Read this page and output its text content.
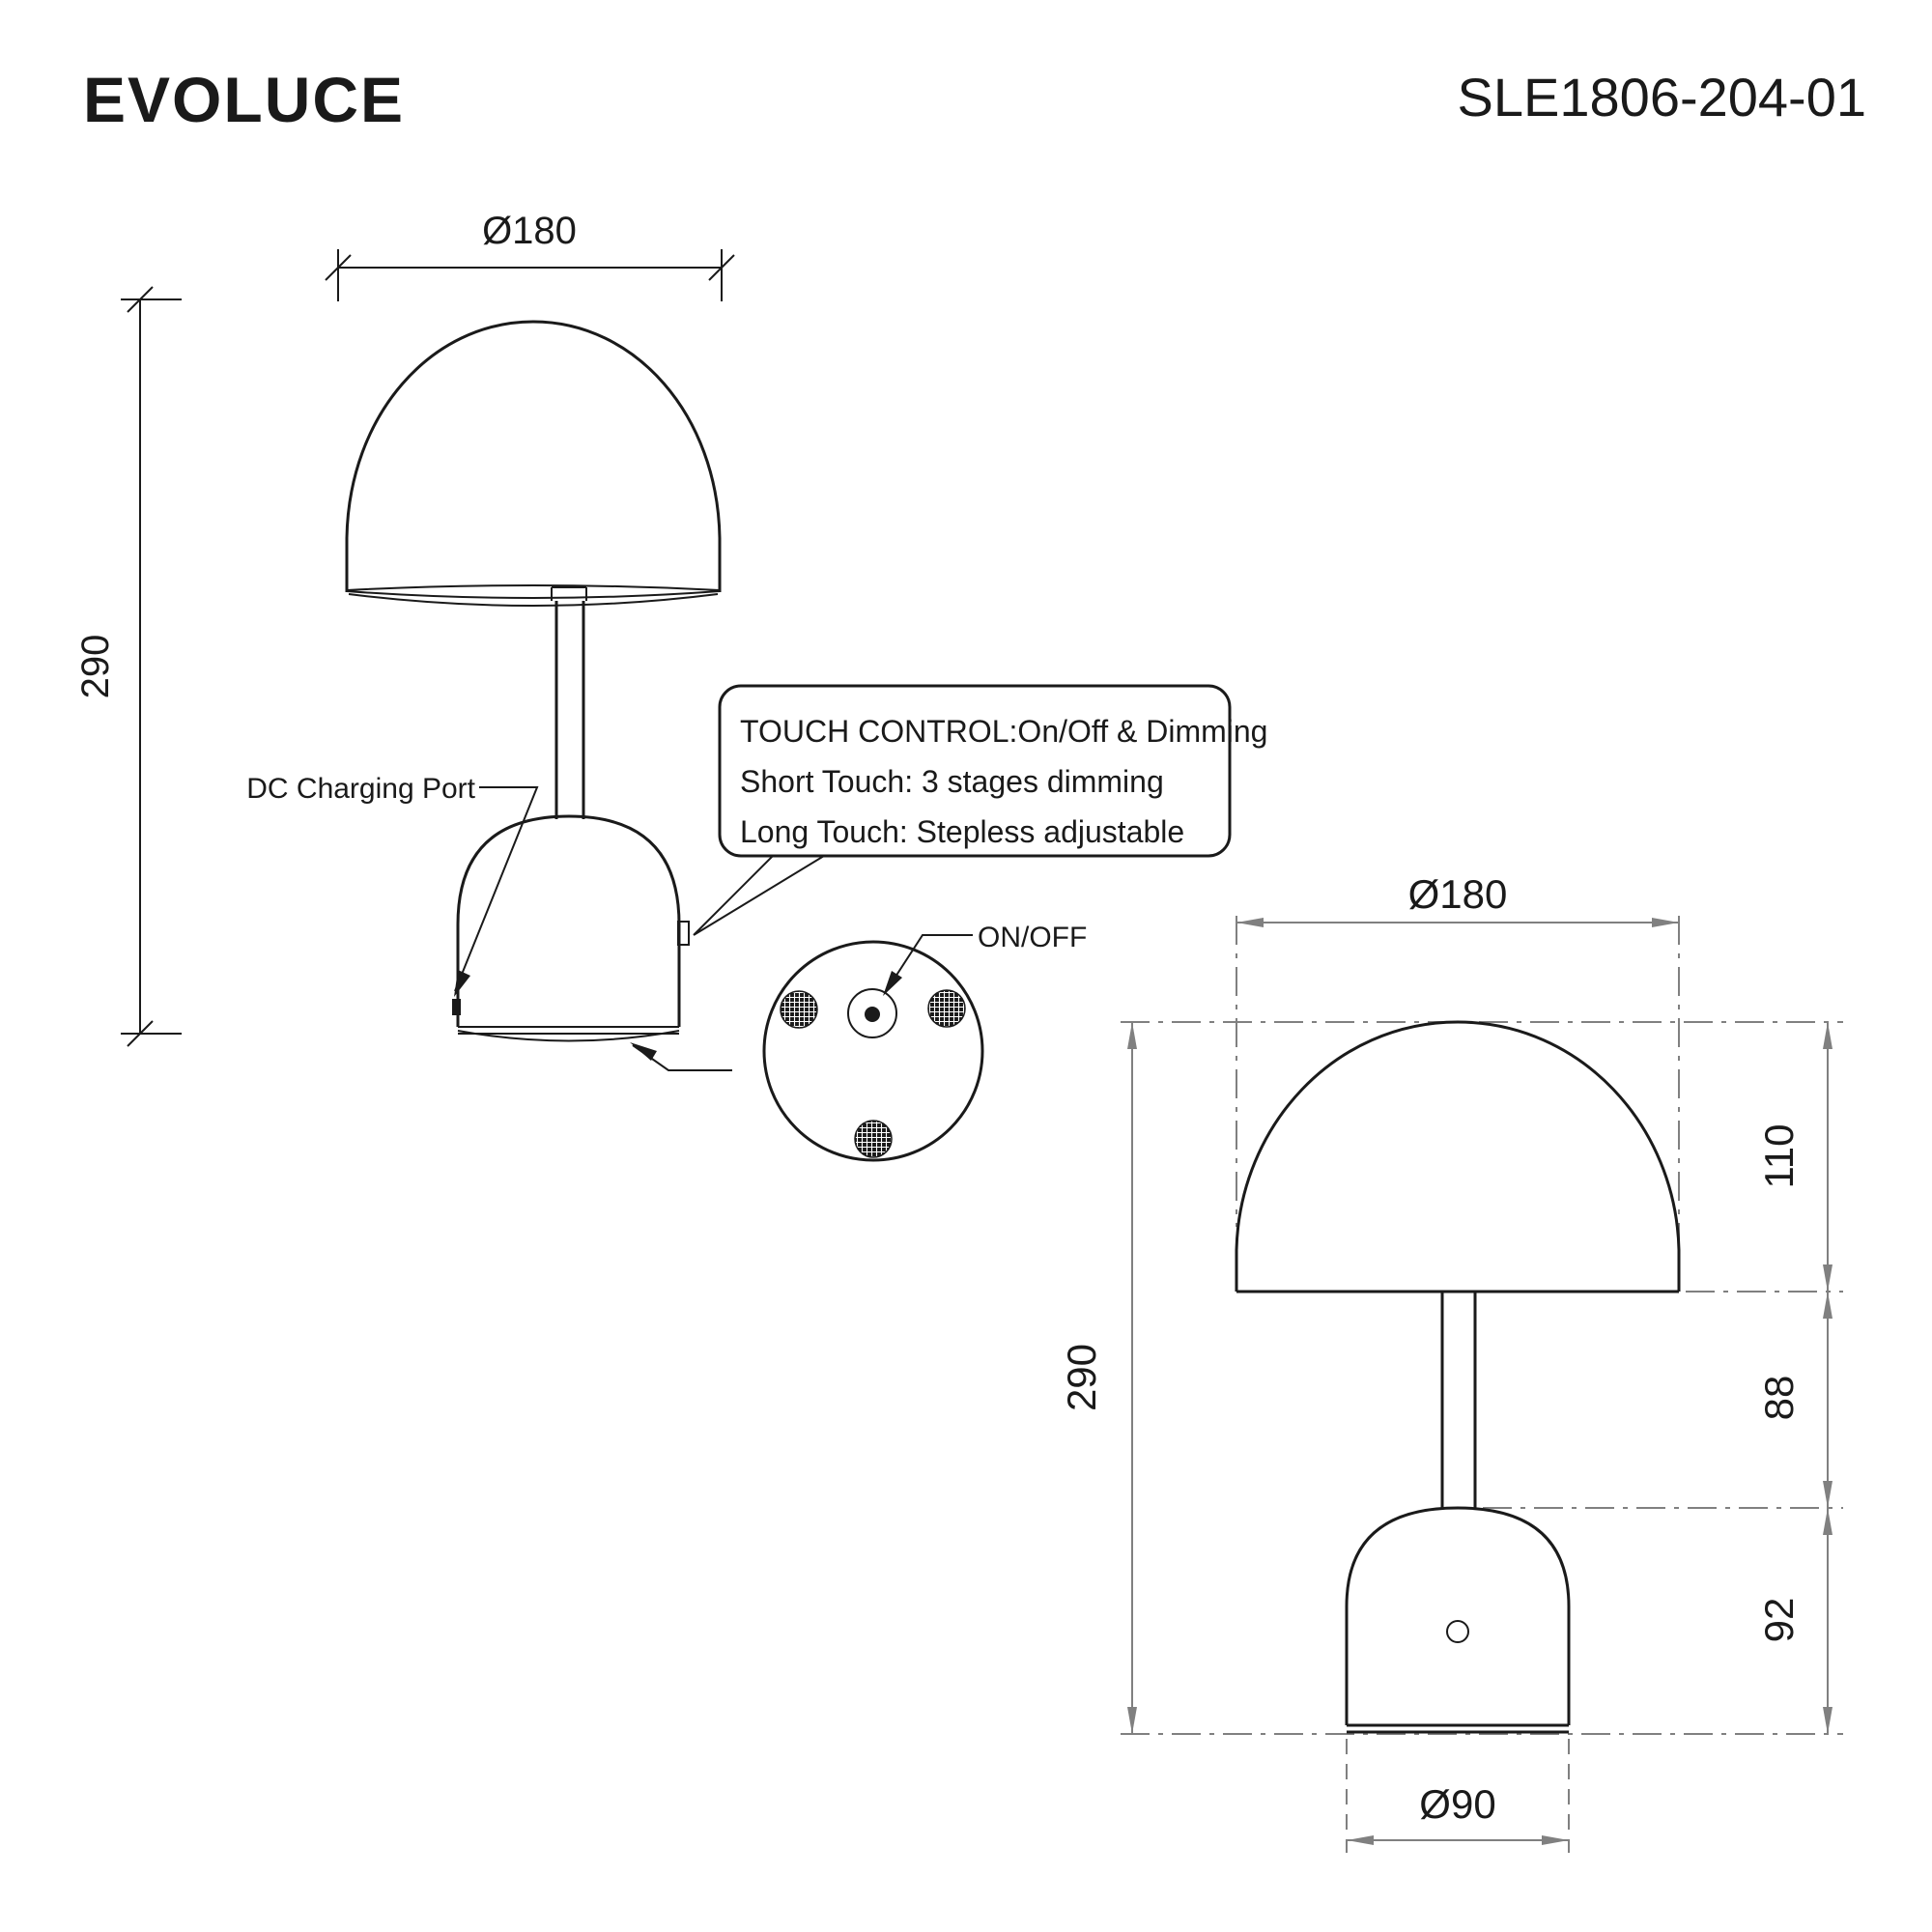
EVOLUCE	SLE1806-204-01
Ø180
290
DC Charging Port
TOUCH CONTROL:On/Off & Dimming
Short Touch: 3 stages dimming
Long Touch: Stepless adjustable
ON/OFF
Ø180
290
110
88
92
Ø90
